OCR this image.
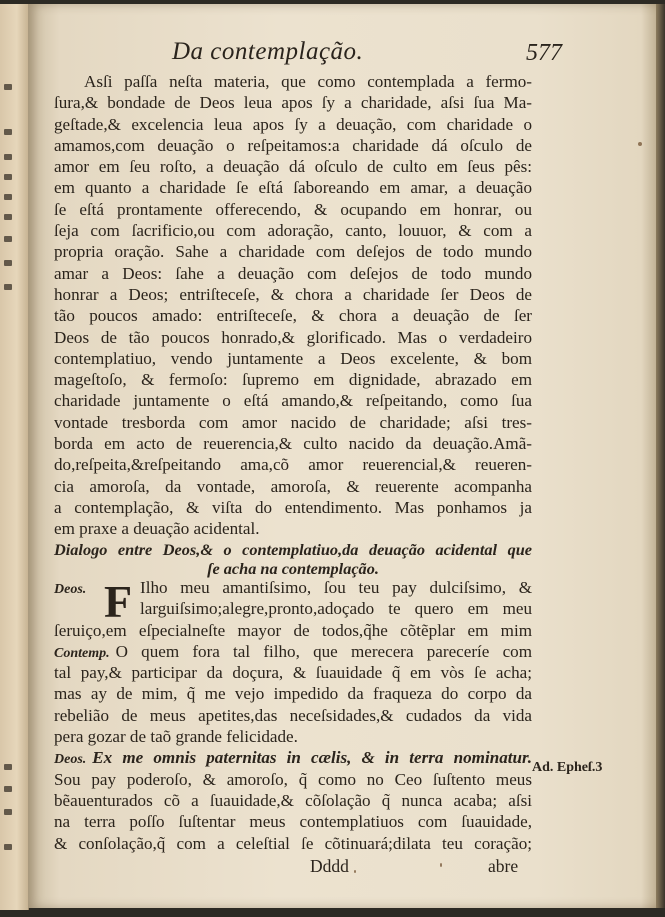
Da contemplação.	577
Asſi paſſa neſta materia, que como contemplada a fermo-
ſura,& bondade de Deos leua apos ſy a charidade, aſsi ſua Ma-
geſtade,& excelencia leua apos ſy a deuação, com charidade o
amamos,com deuação o reſpeitamos:a charidade dá oſculo de
amor em ſeu roſto, a deuação dá oſculo de culto em ſeus pês:
em quanto a charidade ſe eſtá ſaboreando em amar, a deuação
ſe eſtá prontamente offerecendo, & ocupando em honrar, ou
ſeja com ſacrificio,ou com adoração, canto, louuor, & com a
propria oração. Sahe a charidade com deſejos de todo mundo
amar a Deos: ſahe a deuação com deſejos de todo mundo
honrar a Deos; entriſtecеſe, & chora a charidade ſer Deos de
tão poucos amado: entriſteceſe, & chora a deuação de ſer
Deos de tão poucos honrado,& glorificado. Mas o verdadeiro
contemplatiuo, vendo juntamente a Deos excelente, & bom
mageſtoſo, & fermoſo: ſupremo em dignidade, abrazado em
charidade juntamente o eſtá amando,& reſpeitando, como ſua
vontade tresborda com amor nacido de charidade; aſsi tres-
borda em acto de reuerencia,& culto nacido da deuação.Amã-
do,reſpeita,&reſpeitando ama,cõ amor reuerencial,& reueren-
cia amoroſa, da vontade, amoroſa, & reuerente acompanha
a contemplação, & viſta do entendimento. Mas ponhamos ja
em praxe a deuação acidental.
Dialogo entre Deos,& o contemplatiuo,da deuação acidental que
ſe acha na contemplação.
F
Deos.	Ilho meu amantiſsimo, ſou teu pay dulciſsimo, &
larguiſsimo;alegre,pronto,adoçado te quero em meu
ſeruiço,em eſpecialneſte mayor de todos,q̃he cõtẽplar em mim
Contemp. O quem fora tal filho, que merecera pareceríe com
tal pay,& participar da doçura, & ſuauidade q̃ em vòs ſe acha;
mas ay de mim, q̃ me vejo impedido da fraqueza do corpo da
rebelião de meus apetites,das neceſsidades,& cudados da vida
pera gozar de taõ grande felicidade.
Deos. Ex me omnis paternitas in cælis, & in terra nominatur.
Sou pay poderoſo, & amoroſo, q̃ como no Ceo ſuſtento meus
bẽauenturados cõ a ſuauidade,& cõſolação q̃ nunca acaba; aſsi
na terra poſſo ſuſtentar meus contemplatiuos com ſuauidade,
& conſolação,q̃ com a celeſtial ſe cõtinuará;dilata teu coração;
Ad. Epheſ.3
Dddd	abre
